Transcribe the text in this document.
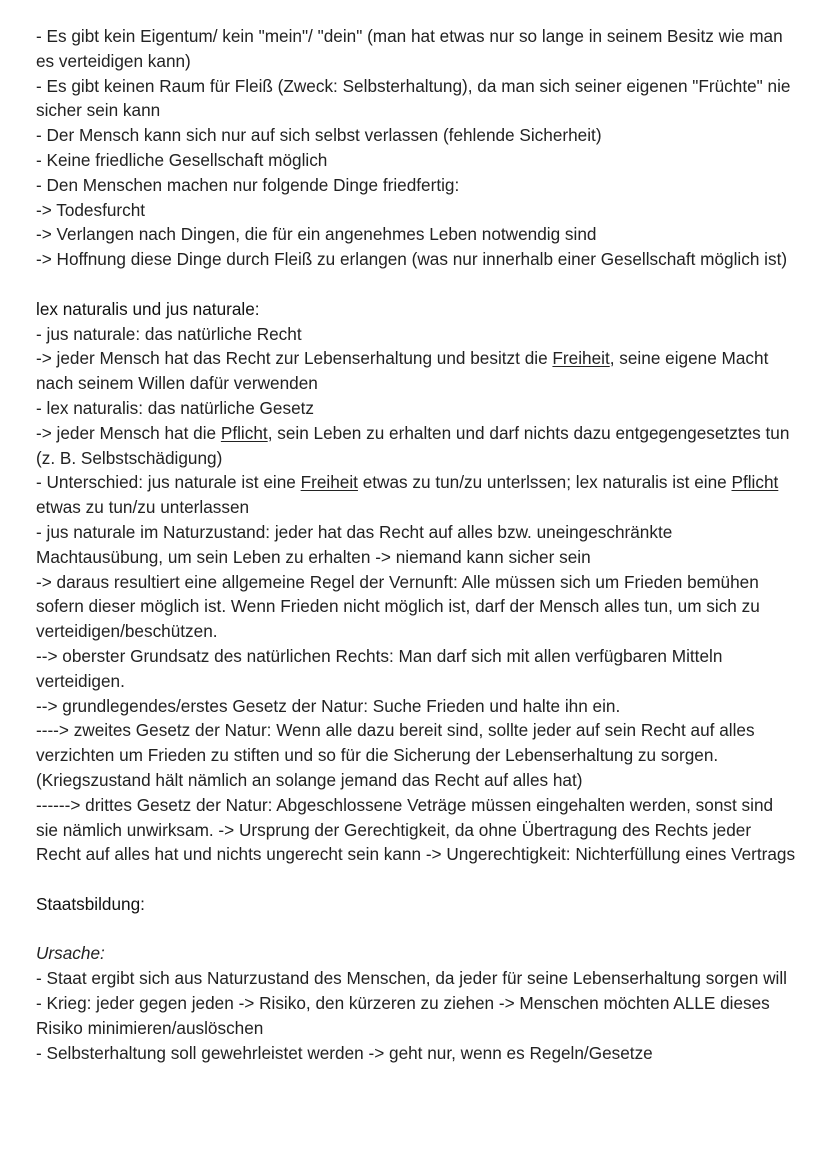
- Es gibt kein Eigentum/ kein "mein"/ "dein" (man hat etwas nur so lange in seinem Besitz wie man es verteidigen kann)

- Es gibt keinen Raum für Fleiß (Zweck: Selbsterhaltung), da man sich seiner eigenen "Früchte" nie sicher sein kann

- Der Mensch kann sich nur auf sich selbst verlassen (fehlende Sicherheit)

- Keine friedliche Gesellschaft möglich

- Den Menschen machen nur folgende Dinge friedfertig:

-> Todesfurcht

-> Verlangen nach Dingen, die für ein angenehmes Leben notwendig sind

-> Hoffnung diese Dinge durch Fleiß zu erlangen (was nur innerhalb einer Gesellschaft möglich ist)

lex naturalis und jus naturale:

- jus naturale: das natürliche Recht

-> jeder Mensch hat das Recht zur Lebenserhaltung und besitzt die Freiheit, seine eigene Macht nach seinem Willen dafür verwenden

- lex naturalis: das natürliche Gesetz

-> jeder Mensch hat die Pflicht, sein Leben zu erhalten und darf nichts dazu entgegengesetztes tun (z. B. Selbstschädigung)

- Unterschied: jus naturale ist eine Freiheit etwas zu tun/zu unterlssen; lex naturalis ist eine Pflicht etwas zu tun/zu unterlassen

- jus naturale im Naturzustand: jeder hat das Recht auf alles bzw. uneingeschränkte Machtausübung, um sein Leben zu erhalten -> niemand kann sicher sein

-> daraus resultiert eine allgemeine Regel der Vernunft: Alle müssen sich um Frieden bemühen sofern dieser möglich ist. Wenn Frieden nicht möglich ist, darf der Mensch alles tun, um sich zu verteidigen/beschützen.

--> oberster Grundsatz des natürlichen Rechts: Man darf sich mit allen verfügbaren Mitteln verteidigen.

--> grundlegendes/erstes Gesetz der Natur: Suche Frieden und halte ihn ein.

----> zweites Gesetz der Natur: Wenn alle dazu bereit sind, sollte jeder auf sein Recht auf alles verzichten um Frieden zu stiften und so für die Sicherung der Lebenserhaltung zu sorgen. (Kriegszustand hält nämlich an solange jemand das Recht auf alles hat)

------> drittes Gesetz der Natur: Abgeschlossene Veträge müssen eingehalten werden, sonst sind sie nämlich unwirksam. -> Ursprung der Gerechtigkeit, da ohne Übertragung des Rechts jeder Recht auf alles hat und nichts ungerecht sein kann -> Ungerechtigkeit: Nichterfüllung eines Vertrags

Staatsbildung:

Ursache:

- Staat ergibt sich aus Naturzustand des Menschen, da jeder für seine Lebenserhaltung sorgen will

- Krieg: jeder gegen jeden -> Risiko, den kürzeren zu ziehen -> Menschen möchten ALLE dieses Risiko minimieren/auslöschen

- Selbsterhaltung soll gewehrleistet werden -> geht nur, wenn es Regeln/Gesetze
